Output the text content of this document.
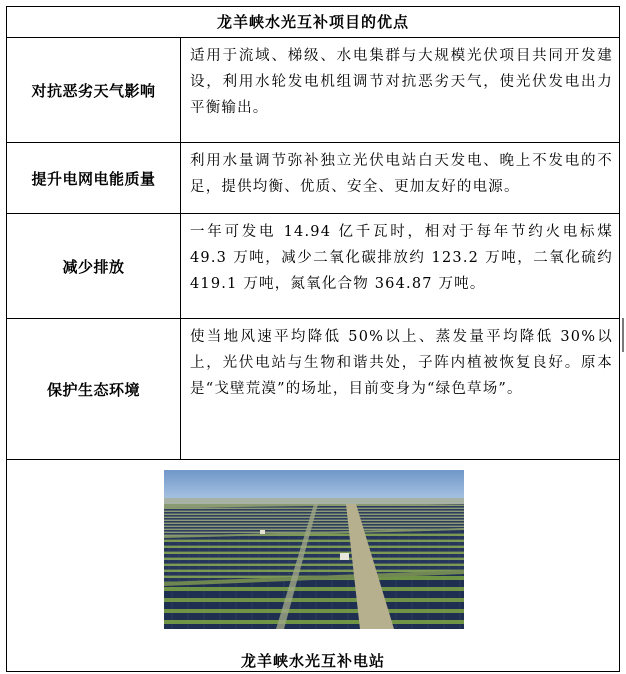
龙羊峡水光互补项目的优点
对抗恶劣天气影响
适用于流域、梯级、水电集群与大规模光伏项目共同开发建设，利用水轮发电机组调节对抗恶劣天气，使光伏发电出力平衡输出。
提升电网电能质量
利用水量调节弥补独立光伏电站白天发电、晚上不发电的不足，提供均衡、优质、安全、更加友好的电源。
减少排放
一年可发电 14.94 亿千瓦时，相对于每年节约火电标煤 49.3 万吨，减少二氧化碳排放约 123.2 万吨，二氧化硫约 419.1 万吨，氮氧化合物 364.87 万吨。
保护生态环境
使当地风速平均降低 50%以上、蒸发量平均降低 30%以上，光伏电站与生物和谐共处，子阵内植被恢复良好。原本是“戈壁荒漠”的场址，目前变身为“绿色草场”。
龙羊峡水光互补电站
